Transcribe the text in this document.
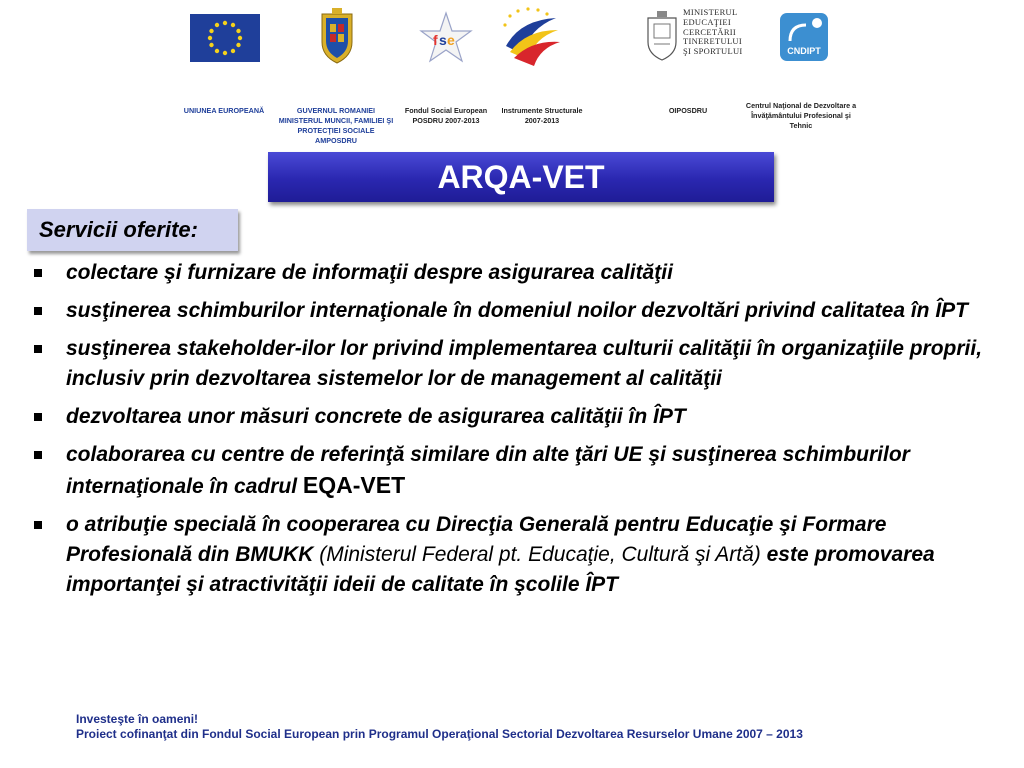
f s e
MINISTERUL
EDUCAŢIEI
CERCETĂRII
TINERETULUI
ŞI SPORTULUI	CNDIPT
UNIUNEA EUROPEANĂ	GUVERNUL ROMANIEI
MINISTERUL MUNCII, FAMILIEI ŞI
PROTECŢIEI SOCIALE
AMPOSDRU
Fondul Social European
POSDRU 2007-2013
Instrumente Structurale
2007-2013
OIPOSDRU
Centrul Naţional de Dezvoltare a
Învăţământului Profesional şi
Tehnic
ARQA-VET
Servicii oferite:
colectare şi furnizare de informaţii despre asigurarea calităţii
susţinerea schimburilor internaţionale în domeniul noilor dezvoltări privind calitatea în ÎPT
susţinerea stakeholder-ilor lor privind implementarea culturii calităţii în organizaţiile proprii, inclusiv prin dezvoltarea sistemelor lor de management al calităţii
dezvoltarea unor măsuri concrete de asigurarea calităţii în ÎPT
colaborarea cu centre de referinţă similare din alte ţări UE şi susţinerea schimburilor internaţionale în cadrul EQA-VET
o atribuţie specială în cooperarea cu Direcţia Generală pentru Educaţie şi Formare Profesională din BMUKK (Ministerul Federal pt. Educaţie, Cultură şi Artă) este promovarea importanţei şi atractivităţii ideii de calitate în şcolile ÎPT
Investeşte în oameni!
Proiect cofinanţat din Fondul Social European prin Programul Operaţional Sectorial Dezvoltarea Resurselor Umane 2007 – 2013
